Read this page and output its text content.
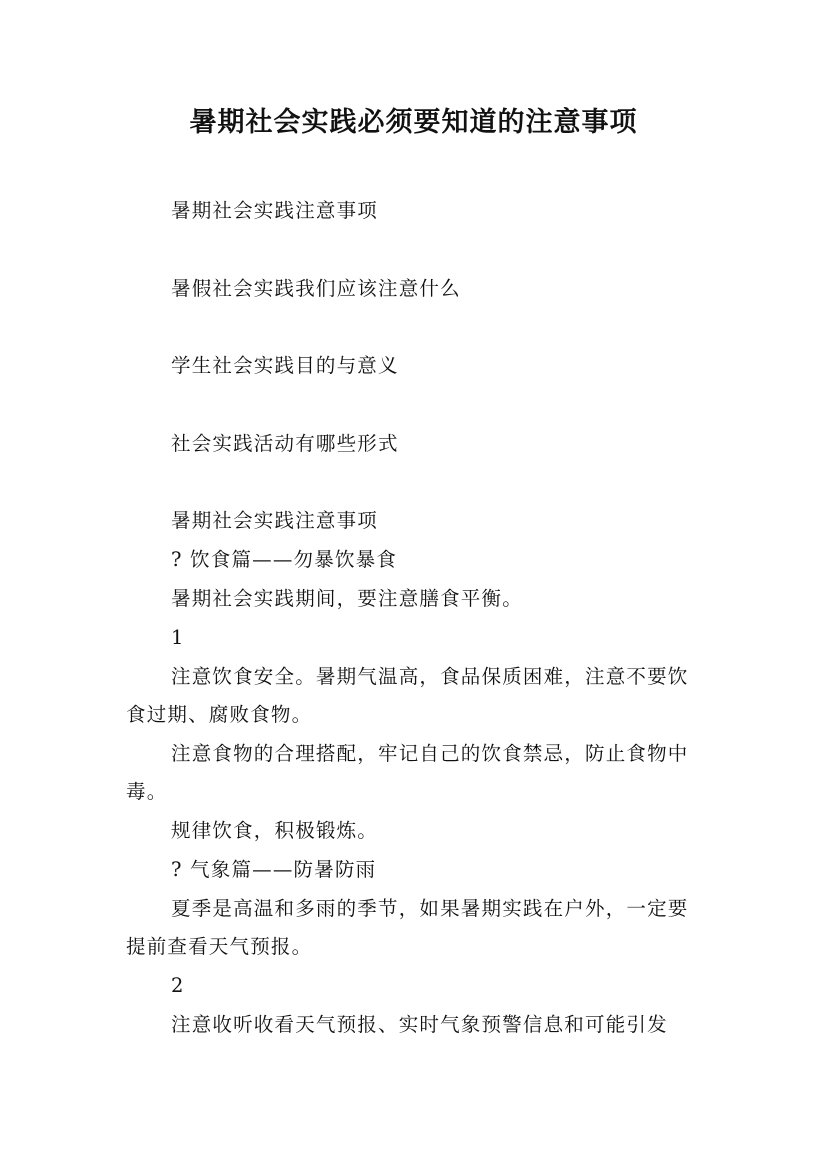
暑期社会实践必须要知道的注意事项

暑期社会实践注意事项

暑假社会实践我们应该注意什么

学生社会实践目的与意义

社会实践活动有哪些形式

暑期社会实践注意事项

? 饮食篇——勿暴饮暴食

暑期社会实践期间，要注意膳食平衡。

1

注意饮食安全。暑期气温高，食品保质困难，注意不要饮食过期、腐败食物。

注意食物的合理搭配，牢记自己的饮食禁忌，防止食物中毒。

规律饮食，积极锻炼。

? 气象篇——防暑防雨

夏季是高温和多雨的季节，如果暑期实践在户外，一定要提前查看天气预报。

2

注意收听收看天气预报、实时气象预警信息和可能引发
